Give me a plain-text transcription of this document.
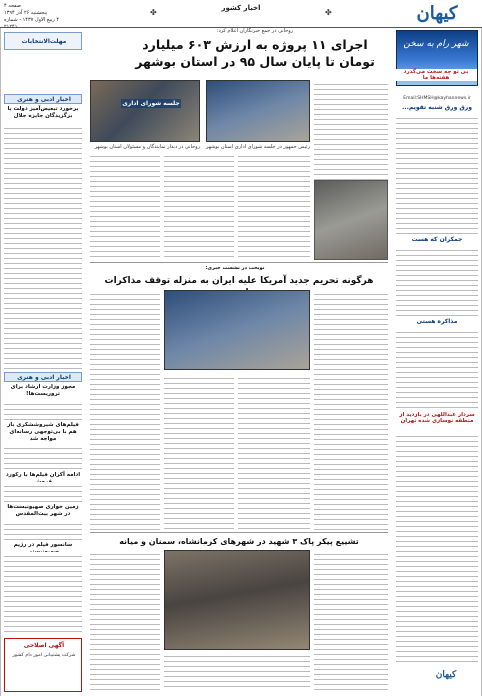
کیهان
اخبار کشور
صفحه ۴
پنجشنبه ۲۶ آذر ۱۳۹۴
۴ ربیع الاول ۱۴۳۷ - شماره ۲۱۲۴۱
✤	✤
مهلت‌الانتخابات
اخبار ادبی و هنری
برخورد تبعیض‌آمیز دولت با برگزیدگان جایزه جلال
اخبار ادبی و هنری
مجوز وزارت ارشاد برای تروریست‌ها!
فیلم‌های شیرو‌ششکری باز هم با بی‌توجهی رسانه‌ای مواجه شد
ادامه آکران فیلم‌ها با رکورد
زمین خواری صهیونیست‌ها در شهر بیت‌المقدس
سانسور فیلم در رژیم
آگهی اصلاحی
شرکت پشتیبانی امور دام کشور
روحانی در جمع خبرنگاران اعلام کرد:
اجرای ۱۱ پروژه به ارزش ۶۰۳ میلیارد تومان تا پایان سال ۹۵ در استان بوشهر
جلسه شورای اداری
روحانی در دیدار نمایندگان و مسئولان استان بوشهر رئیس جمهور در جلسه شورای اداری استان بوشهر
نوبخت در نشست خبری:
هرگونه تحریم جدید آمریکا علیه ایران به منزله توقف مذاکرات
تشییع پیکر پاک ۳ شهید در شهرهای کرمانشاه، سمنان و میانه
شهر رام به سخن
بی تو چه سخت می‌گذرد هفته‌ها ما
Email:SHMSH@kayhannews.ir
ورق ورق شنبه تقویم...
جمکران که هست
مذاکره هستی
سردار عبداللهی در بازدید از منطقه نوسازی شده تهران
کیهان
